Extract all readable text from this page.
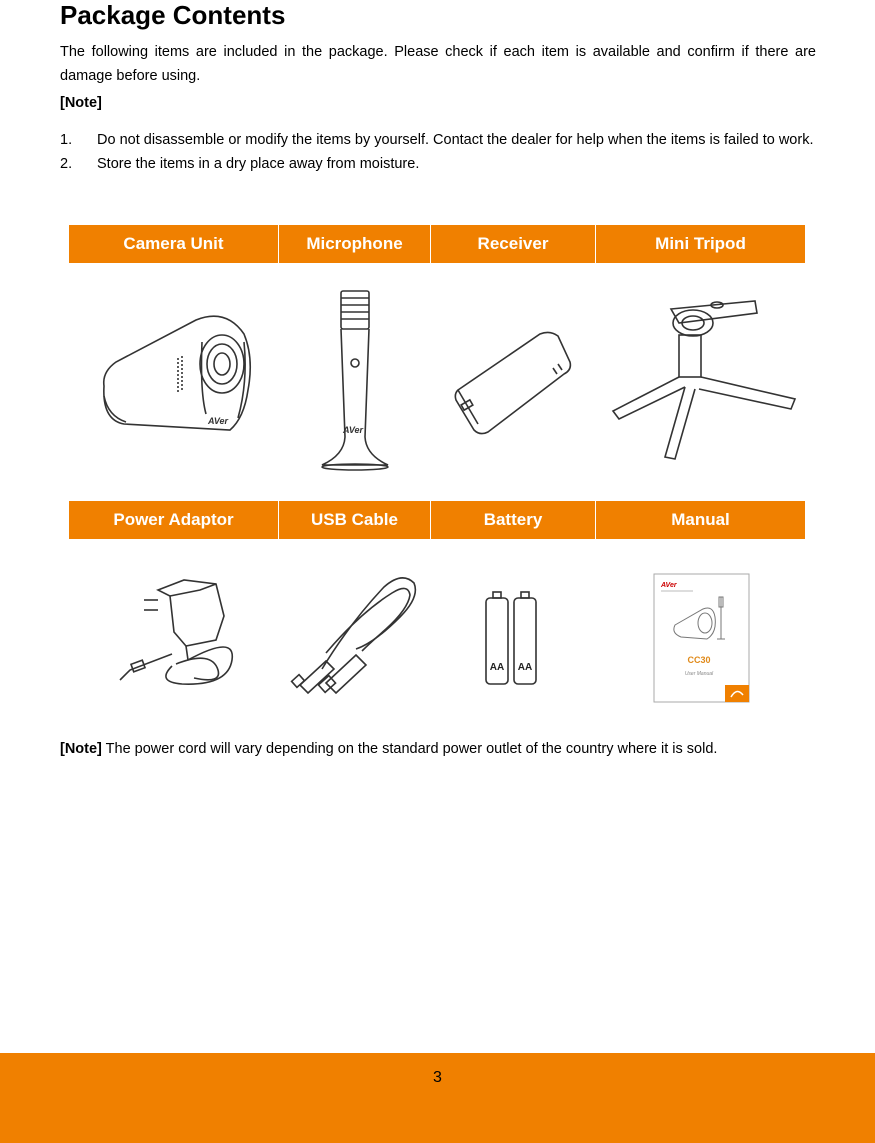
Package Contents
The following items are included in the package. Please check if each item is available and confirm if there are damage before using.
[Note]
1. Do not disassemble or modify the items by yourself. Contact the dealer for help when the items is failed to work.
2. Store the items in a dry place away from moisture.
Camera Unit	Microphone	Receiver	Mini Tripod
AVer
AVer
Power Adaptor	USB Cable	Battery	Manual
AA AA
AVer
CC30
User Manual
[Note] The power cord will vary depending on the standard power outlet of the country where it is sold.
3
